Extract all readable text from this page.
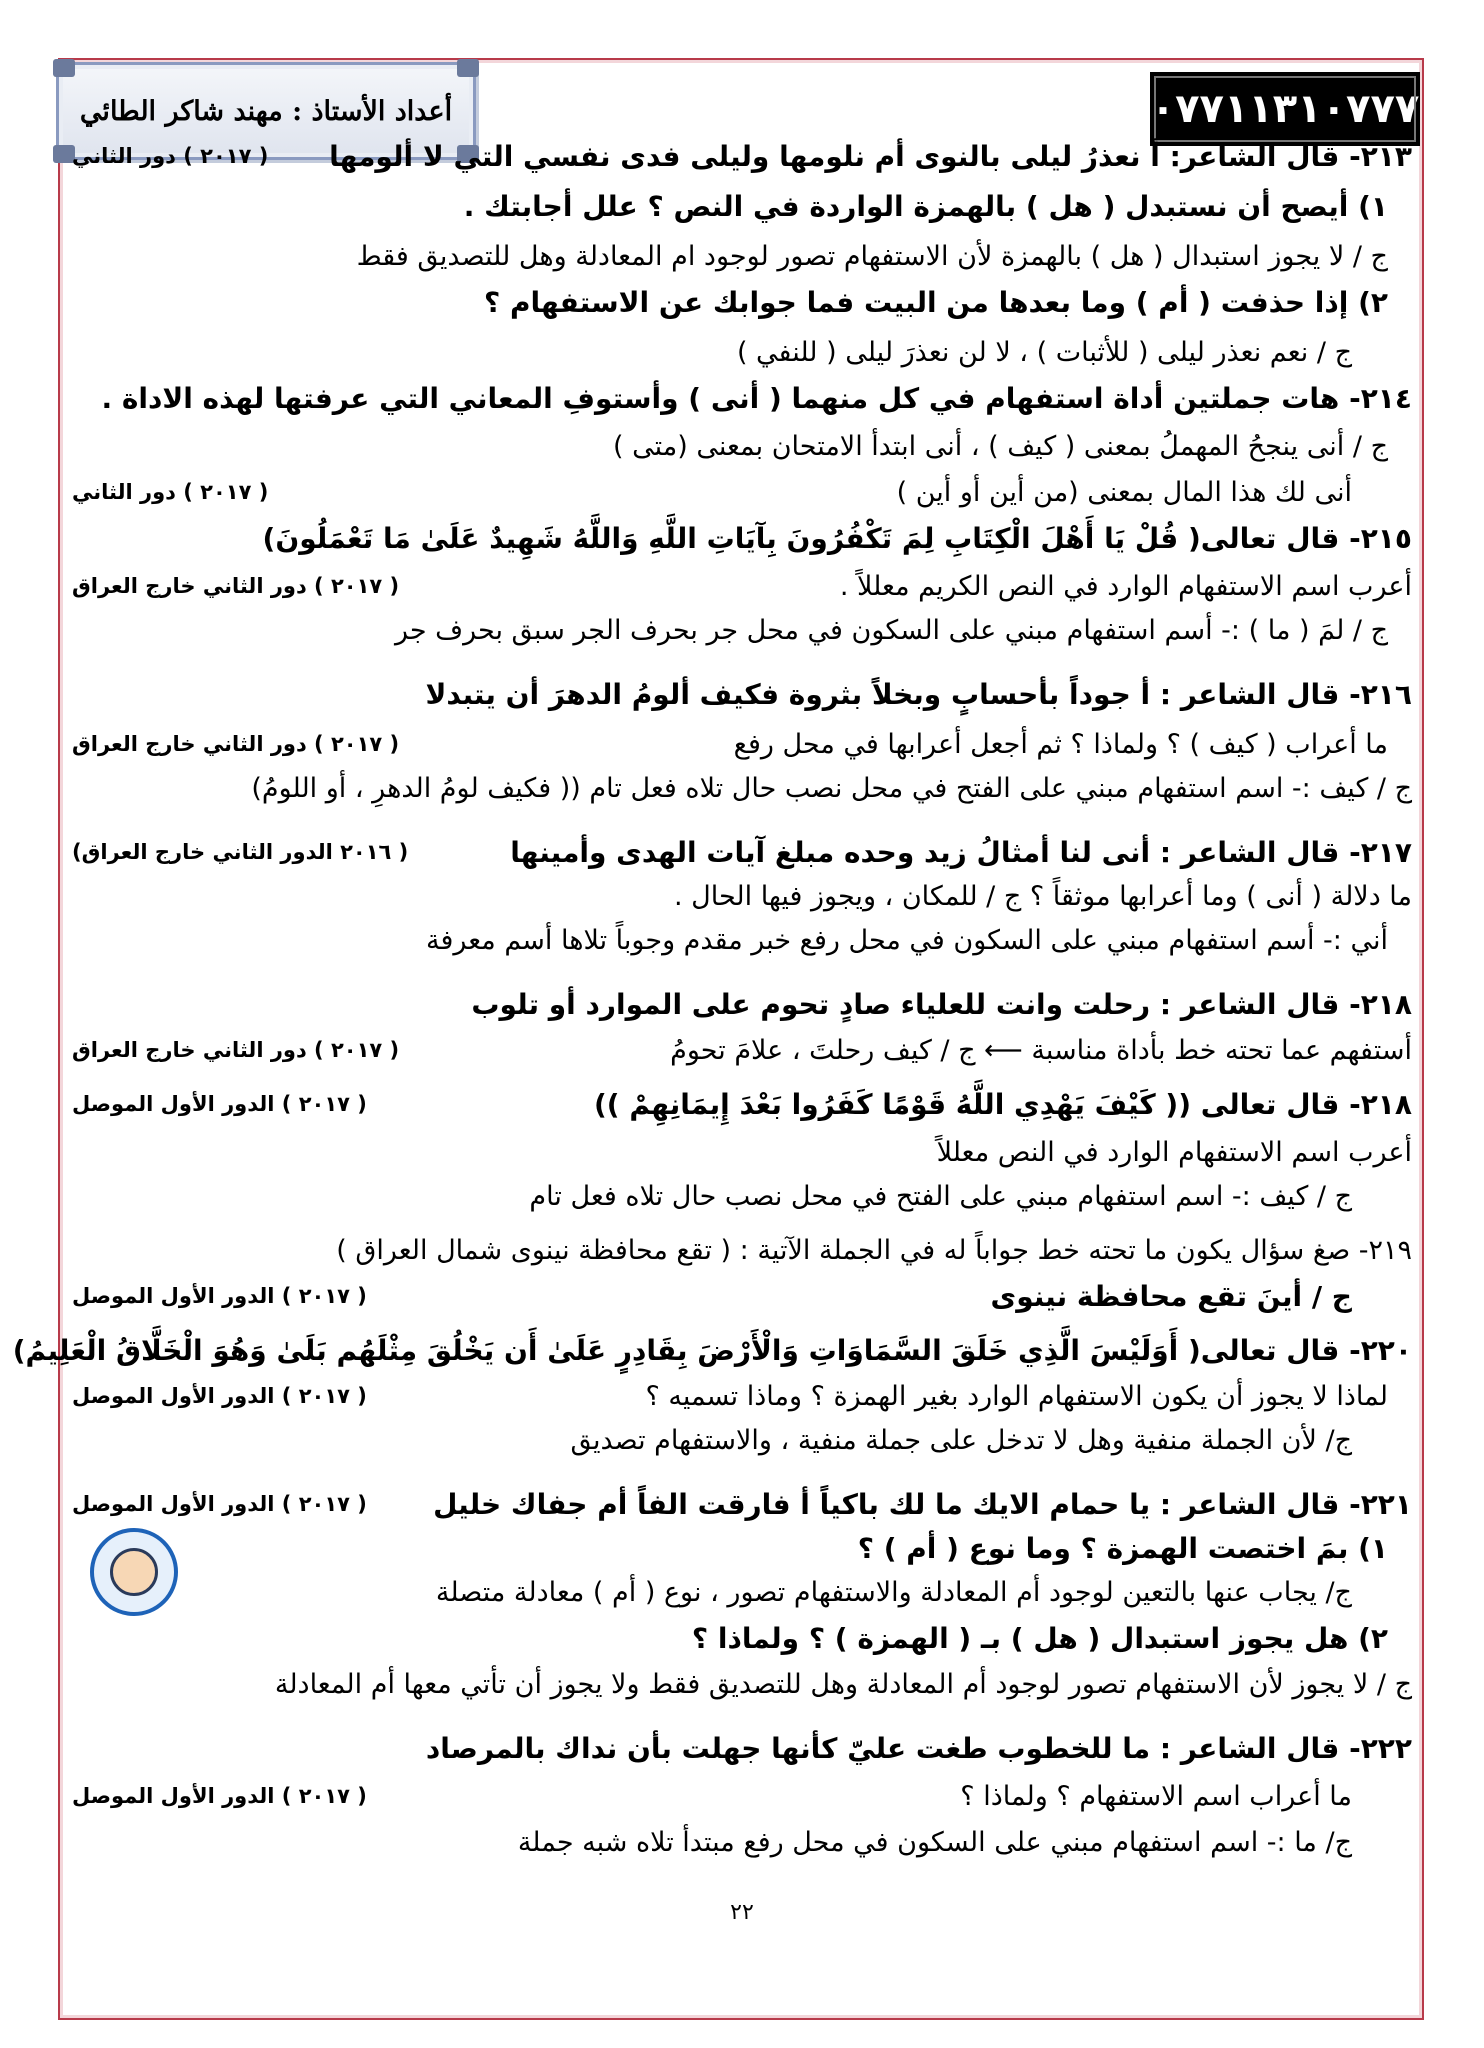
أعداد الأستاذ : مهند شاكر الطائي	٠٧٧١١٣١٠٧٧٧
٢١٣- قال الشاعر: أ نعذرُ ليلى بالنوى أم نلومها وليلى فدى نفسي التي لا ألومها
( ٢٠١٧ ) دور الثاني
١) أيصح أن نستبدل ( هل ) بالهمزة الواردة في النص ؟ علل أجابتك .
ج / لا يجوز استبدال ( هل ) بالهمزة لأن الاستفهام تصور لوجود ام المعادلة وهل للتصديق فقط
٢) إذا حذفت ( أم ) وما بعدها من البيت فما جوابك عن الاستفهام ؟
ج / نعم نعذر ليلى ( للأثبات ) ، لا لن نعذرَ ليلى ( للنفي )
٢١٤- هات جملتين أداة استفهام في كل منهما ( أنى ) وأستوفِ المعاني التي عرفتها لهذه الاداة .
ج / أنى ينجحُ المهملُ بمعنى ( كيف ) ، أنى ابتدأ الامتحان بمعنى (متى )
أنى لك هذا المال بمعنى (من أين أو أين )
( ٢٠١٧ ) دور الثاني
٢١٥- قال تعالى( قُلْ يَا أَهْلَ الْكِتَابِ لِمَ تَكْفُرُونَ بِآيَاتِ اللَّهِ وَاللَّهُ شَهِيدٌ عَلَىٰ مَا تَعْمَلُونَ)
أعرب اسم الاستفهام الوارد في النص الكريم معللاً .
( ٢٠١٧ ) دور الثاني خارج العراق
ج / لمَ ( ما ) :- أسم استفهام مبني على السكون في محل جر بحرف الجر سبق بحرف جر
٢١٦- قال الشاعر : أ جوداً بأحسابٍ وبخلاً بثروة فكيف ألومُ الدهرَ أن يتبدلا
ما أعراب ( كيف ) ؟ ولماذا ؟ ثم أجعل أعرابها في محل رفع
( ٢٠١٧ ) دور الثاني خارج العراق
ج / كيف :- اسم استفهام مبني على الفتح في محل نصب حال تلاه فعل تام (( فكيف لومُ الدهرِ ، أو اللومُ)
٢١٧- قال الشاعر : أنى لنا أمثالُ زيد وحده مبلغ آيات الهدى وأمينها
( ٢٠١٦ الدور الثاني خارج العراق)
ما دلالة ( أنى ) وما أعرابها موثقاً ؟ ج / للمكان ، ويجوز فيها الحال .
أني :- أسم استفهام مبني على السكون في محل رفع خبر مقدم وجوباً تلاها أسم معرفة
٢١٨- قال الشاعر : رحلت وانت للعلياء صادٍ تحوم على الموارد أو تلوب
أستفهم عما تحته خط بأداة مناسبة ⟵ ج / كيف رحلتَ ، علامَ تحومُ
( ٢٠١٧ ) دور الثاني خارج العراق
٢١٨- قال تعالى (( كَيْفَ يَهْدِي اللَّهُ قَوْمًا كَفَرُوا بَعْدَ إِيمَانِهِمْ ))
( ٢٠١٧ ) الدور الأول الموصل
أعرب اسم الاستفهام الوارد في النص معللاً
ج / كيف :- اسم استفهام مبني على الفتح في محل نصب حال تلاه فعل تام
٢١٩- صغ سؤال يكون ما تحته خط جواباً له في الجملة الآتية : ( تقع محافظة نينوى شمال العراق )
ج / أينَ تقع محافظة نينوى
( ٢٠١٧ ) الدور الأول الموصل
٢٢٠- قال تعالى( أَوَلَيْسَ الَّذِي خَلَقَ السَّمَاوَاتِ وَالْأَرْضَ بِقَادِرٍ عَلَىٰ أَن يَخْلُقَ مِثْلَهُم بَلَىٰ وَهُوَ الْخَلَّاقُ الْعَلِيمُ)
لماذا لا يجوز أن يكون الاستفهام الوارد بغير الهمزة ؟ وماذا تسميه ؟
( ٢٠١٧ ) الدور الأول الموصل
ج/ لأن الجملة منفية وهل لا تدخل على جملة منفية ، والاستفهام تصديق
٢٢١- قال الشاعر : يا حمام الايك ما لك باكياً أ فارقت الفاً أم جفاك خليل
( ٢٠١٧ ) الدور الأول الموصل
١) بمَ اختصت الهمزة ؟ وما نوع ( أم ) ؟
ج/ يجاب عنها بالتعين لوجود أم المعادلة والاستفهام تصور ، نوع ( أم ) معادلة متصلة
٢) هل يجوز استبدال ( هل ) بـ ( الهمزة ) ؟ ولماذا ؟
ج / لا يجوز لأن الاستفهام تصور لوجود أم المعادلة وهل للتصديق فقط ولا يجوز أن تأتي معها أم المعادلة
٢٢٢- قال الشاعر : ما للخطوب طغت عليّ كأنها جهلت بأن نداك بالمرصاد
ما أعراب اسم الاستفهام ؟ ولماذا ؟
( ٢٠١٧ ) الدور الأول الموصل
ج/ ما :- اسم استفهام مبني على السكون في محل رفع مبتدأ تلاه شبه جملة
٢٢
